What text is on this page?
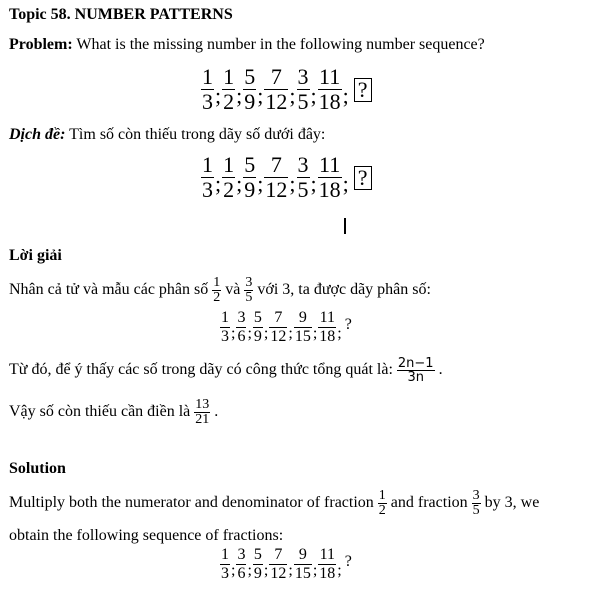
Topic 58. NUMBER PATTERNS
Problem: What is the missing number in the following number sequence?
$\frac{1}{3}$ ; $\frac{1}{2}$ ; $\frac{5}{9}$ ; $\frac{7}{12}$ ; $\frac{3}{5}$ ; $\frac{11}{18}$ ; ?
Dịch đề: Tìm số còn thiếu trong dãy số dưới đây:
$\frac{1}{3}$ ; $\frac{1}{2}$ ; $\frac{5}{9}$ ; $\frac{7}{12}$ ; $\frac{3}{5}$ ; $\frac{11}{18}$ ; ?
Lời giải
Nhân cả tử và mẫu các phân số $\frac{1}{2}$ và $\frac{3}{5}$ với 3, ta được dãy phân số:
$\frac{1}{3}$ ; $\frac{3}{6}$ ; $\frac{5}{9}$ ; $\frac{7}{12}$ ; $\frac{9}{15}$ ; $\frac{11}{18}$ ;?
Từ đó, để ý thấy các số trong dãy có công thức tổng quát là: $\frac{2n-1}{3n}$ .
Vậy số còn thiếu cần điền là $\frac{13}{21}$ .
Solution
Multiply both the numerator and denominator of fraction $\frac{1}{2}$ and fraction $\frac{3}{5}$ by 3, we
obtain the following sequence of fractions:
$\frac{1}{3}$ ; $\frac{3}{6}$ ; $\frac{5}{9}$ ; $\frac{7}{12}$ ; $\frac{9}{15}$ ; $\frac{11}{18}$ ;?
